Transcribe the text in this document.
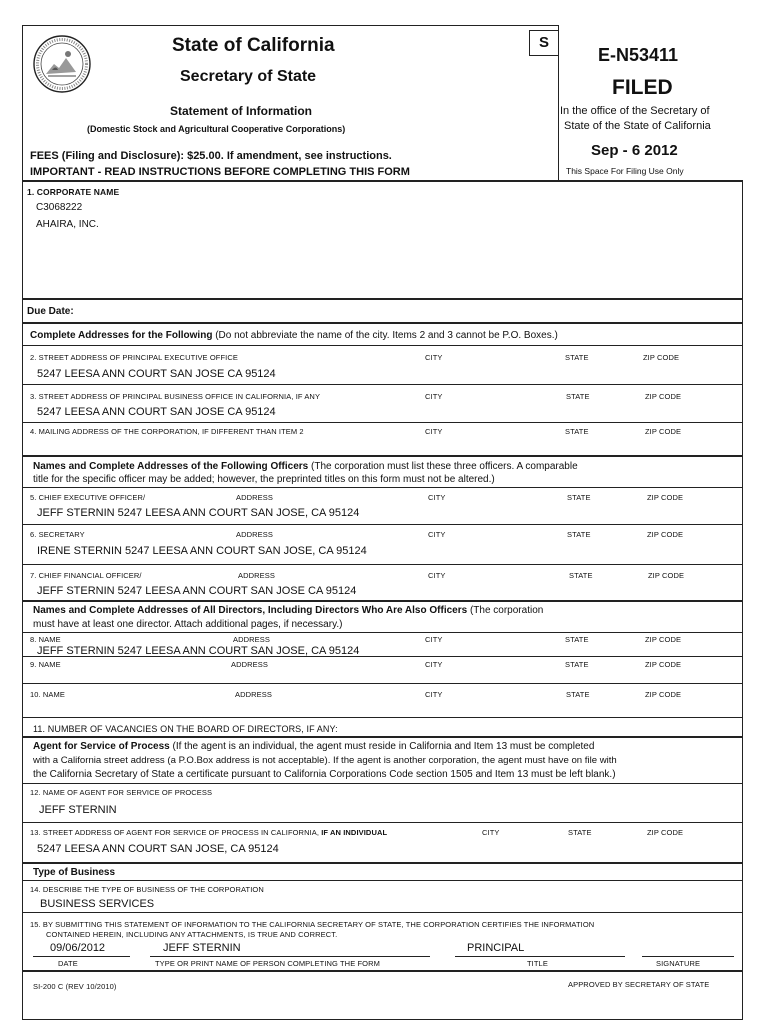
State of California
Secretary of State
Statement of Information
(Domestic Stock and Agricultural Cooperative Corporations)
FEES (Filing and Disclosure): $25.00. If amendment, see instructions.
IMPORTANT - READ INSTRUCTIONS BEFORE COMPLETING THIS FORM
S
E-N53411
FILED
In the office of the Secretary of
State of the State of California
Sep - 6 2012
This Space For Filing Use Only
1. CORPORATE NAME
C3068222
AHAIRA, INC.
Due Date:
Complete Addresses for the Following (Do not abbreviate the name of the city. Items 2 and 3 cannot be P.O. Boxes.)
2. STREET ADDRESS OF PRINCIPAL EXECUTIVE OFFICE	CITY	STATE	ZIP CODE
5247 LEESA ANN COURT SAN JOSE CA 95124
3. STREET ADDRESS OF PRINCIPAL BUSINESS OFFICE IN CALIFORNIA, IF ANY	CITY	STATE	ZIP CODE
5247 LEESA ANN COURT SAN JOSE CA 95124
4. MAILING ADDRESS OF THE CORPORATION, IF DIFFERENT THAN ITEM 2	CITY	STATE	ZIP CODE
Names and Complete Addresses of the Following Officers (The corporation must list these three officers. A comparable
title for the specific officer may be added; however, the preprinted titles on this form must not be altered.)
5. CHIEF EXECUTIVE OFFICER/	ADDRESS	CITY	STATE	ZIP CODE
JEFF STERNIN 5247 LEESA ANN COURT SAN JOSE, CA 95124
6. SECRETARY	ADDRESS	CITY	STATE	ZIP CODE
IRENE STERNIN 5247 LEESA ANN COURT SAN JOSE, CA 95124
7. CHIEF FINANCIAL OFFICER/	ADDRESS	CITY	STATE	ZIP CODE
JEFF STERNIN 5247 LEESA ANN COURT SAN JOSE CA 95124
Names and Complete Addresses of All Directors, Including Directors Who Are Also Officers (The corporation
must have at least one director. Attach additional pages, if necessary.)
8. NAME	ADDRESS	CITY	STATE	ZIP CODE
JEFF STERNIN 5247 LEESA ANN COURT SAN JOSE, CA 95124
9. NAME	ADDRESS	CITY	STATE	ZIP CODE
10. NAME	ADDRESS	CITY	STATE	ZIP CODE
11. NUMBER OF VACANCIES ON THE BOARD OF DIRECTORS, IF ANY:
Agent for Service of Process (If the agent is an individual, the agent must reside in California and Item 13 must be completed
with a California street address (a P.O.Box address is not acceptable). If the agent is another corporation, the agent must have on file with
the California Secretary of State a certificate pursuant to California Corporations Code section 1505 and Item 13 must be left blank.)
12. NAME OF AGENT FOR SERVICE OF PROCESS
JEFF STERNIN
13. STREET ADDRESS OF AGENT FOR SERVICE OF PROCESS IN CALIFORNIA, IF AN INDIVIDUAL	CITY	STATE	ZIP CODE
5247 LEESA ANN COURT SAN JOSE, CA 95124
Type of Business
14. DESCRIBE THE TYPE OF BUSINESS OF THE CORPORATION
BUSINESS SERVICES
15. BY SUBMITTING THIS STATEMENT OF INFORMATION TO THE CALIFORNIA SECRETARY OF STATE, THE CORPORATION CERTIFIES THE INFORMATION
CONTAINED HEREIN, INCLUDING ANY ATTACHMENTS, IS TRUE AND CORRECT.
09/06/2012	JEFF STERNIN	PRINCIPAL
DATE	TYPE OR PRINT NAME OF PERSON COMPLETING THE FORM	TITLE	SIGNATURE
SI-200 C (REV 10/2010)	APPROVED BY SECRETARY OF STATE
